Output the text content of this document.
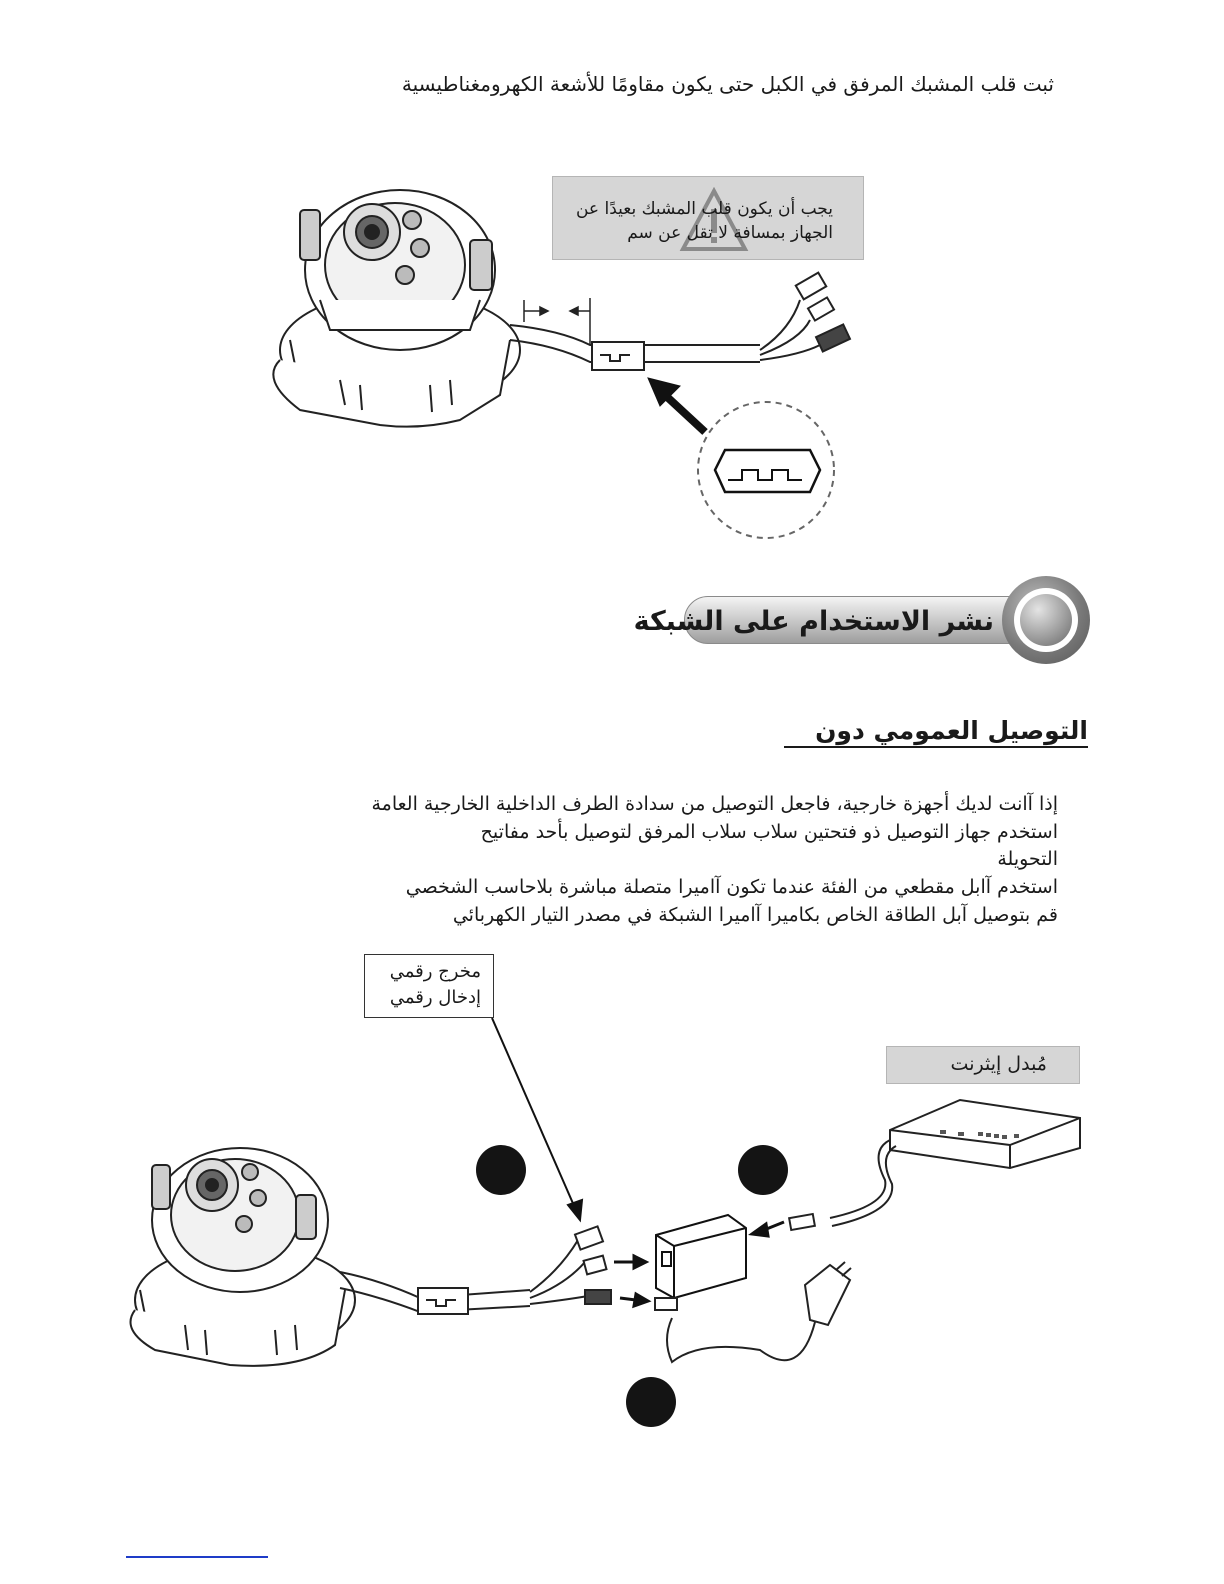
ثبت قلب المشبك المرفق في الكبل حتى يكون مقاومًا للأشعة الكهرومغناطيسية
يجب أن يكون قلب المشبك بعيدًا عن
الجهاز بمسافة لا تقل عن سم
نشر الاستخدام على الشبكة
التوصيل العمومي دون
إذا آانت لديك أجهزة خارجية، فاجعل التوصيل من سدادة الطرف الداخلية الخارجية العامة
استخدم جهاز التوصيل ذو فتحتين سلاب سلاب المرفق لتوصيل بأحد مفاتيح
التحويلة
استخدم آابل مقطعي من الفئة عندما تكون آاميرا متصلة مباشرة بلاحاسب الشخصي
قم بتوصيل آبل الطاقة الخاص بكاميرا آاميرا الشبكة في مصدر التيار الكهربائي
مخرج رقمي
إدخال رقمي
مُبدل إيثرنت
